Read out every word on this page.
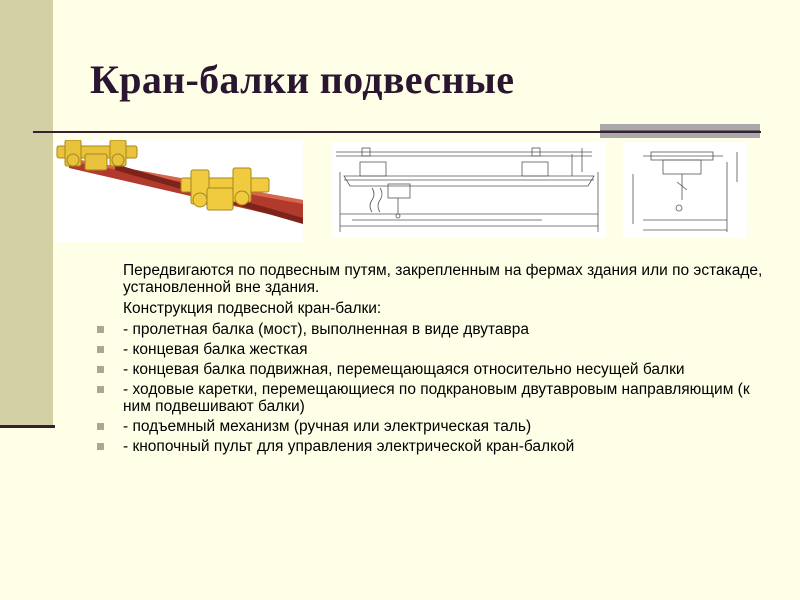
Кран-балки подвесные

Передвигаются по подвесным путям, закрепленным на фермах здания или по эстакаде, установленной вне здания.

Конструкция подвесной кран-балки:

- пролетная балка (мост), выполненная в виде двутавра
- концевая балка жесткая
- концевая балка подвижная, перемещающаяся относительно несущей балки
- ходовые каретки, перемещающиеся по подкрановым двутавровым направляющим (к ним подвешивают балки)
- подъемный механизм (ручная или электрическая таль)
- кнопочный пульт для управления электрической кран-балкой
